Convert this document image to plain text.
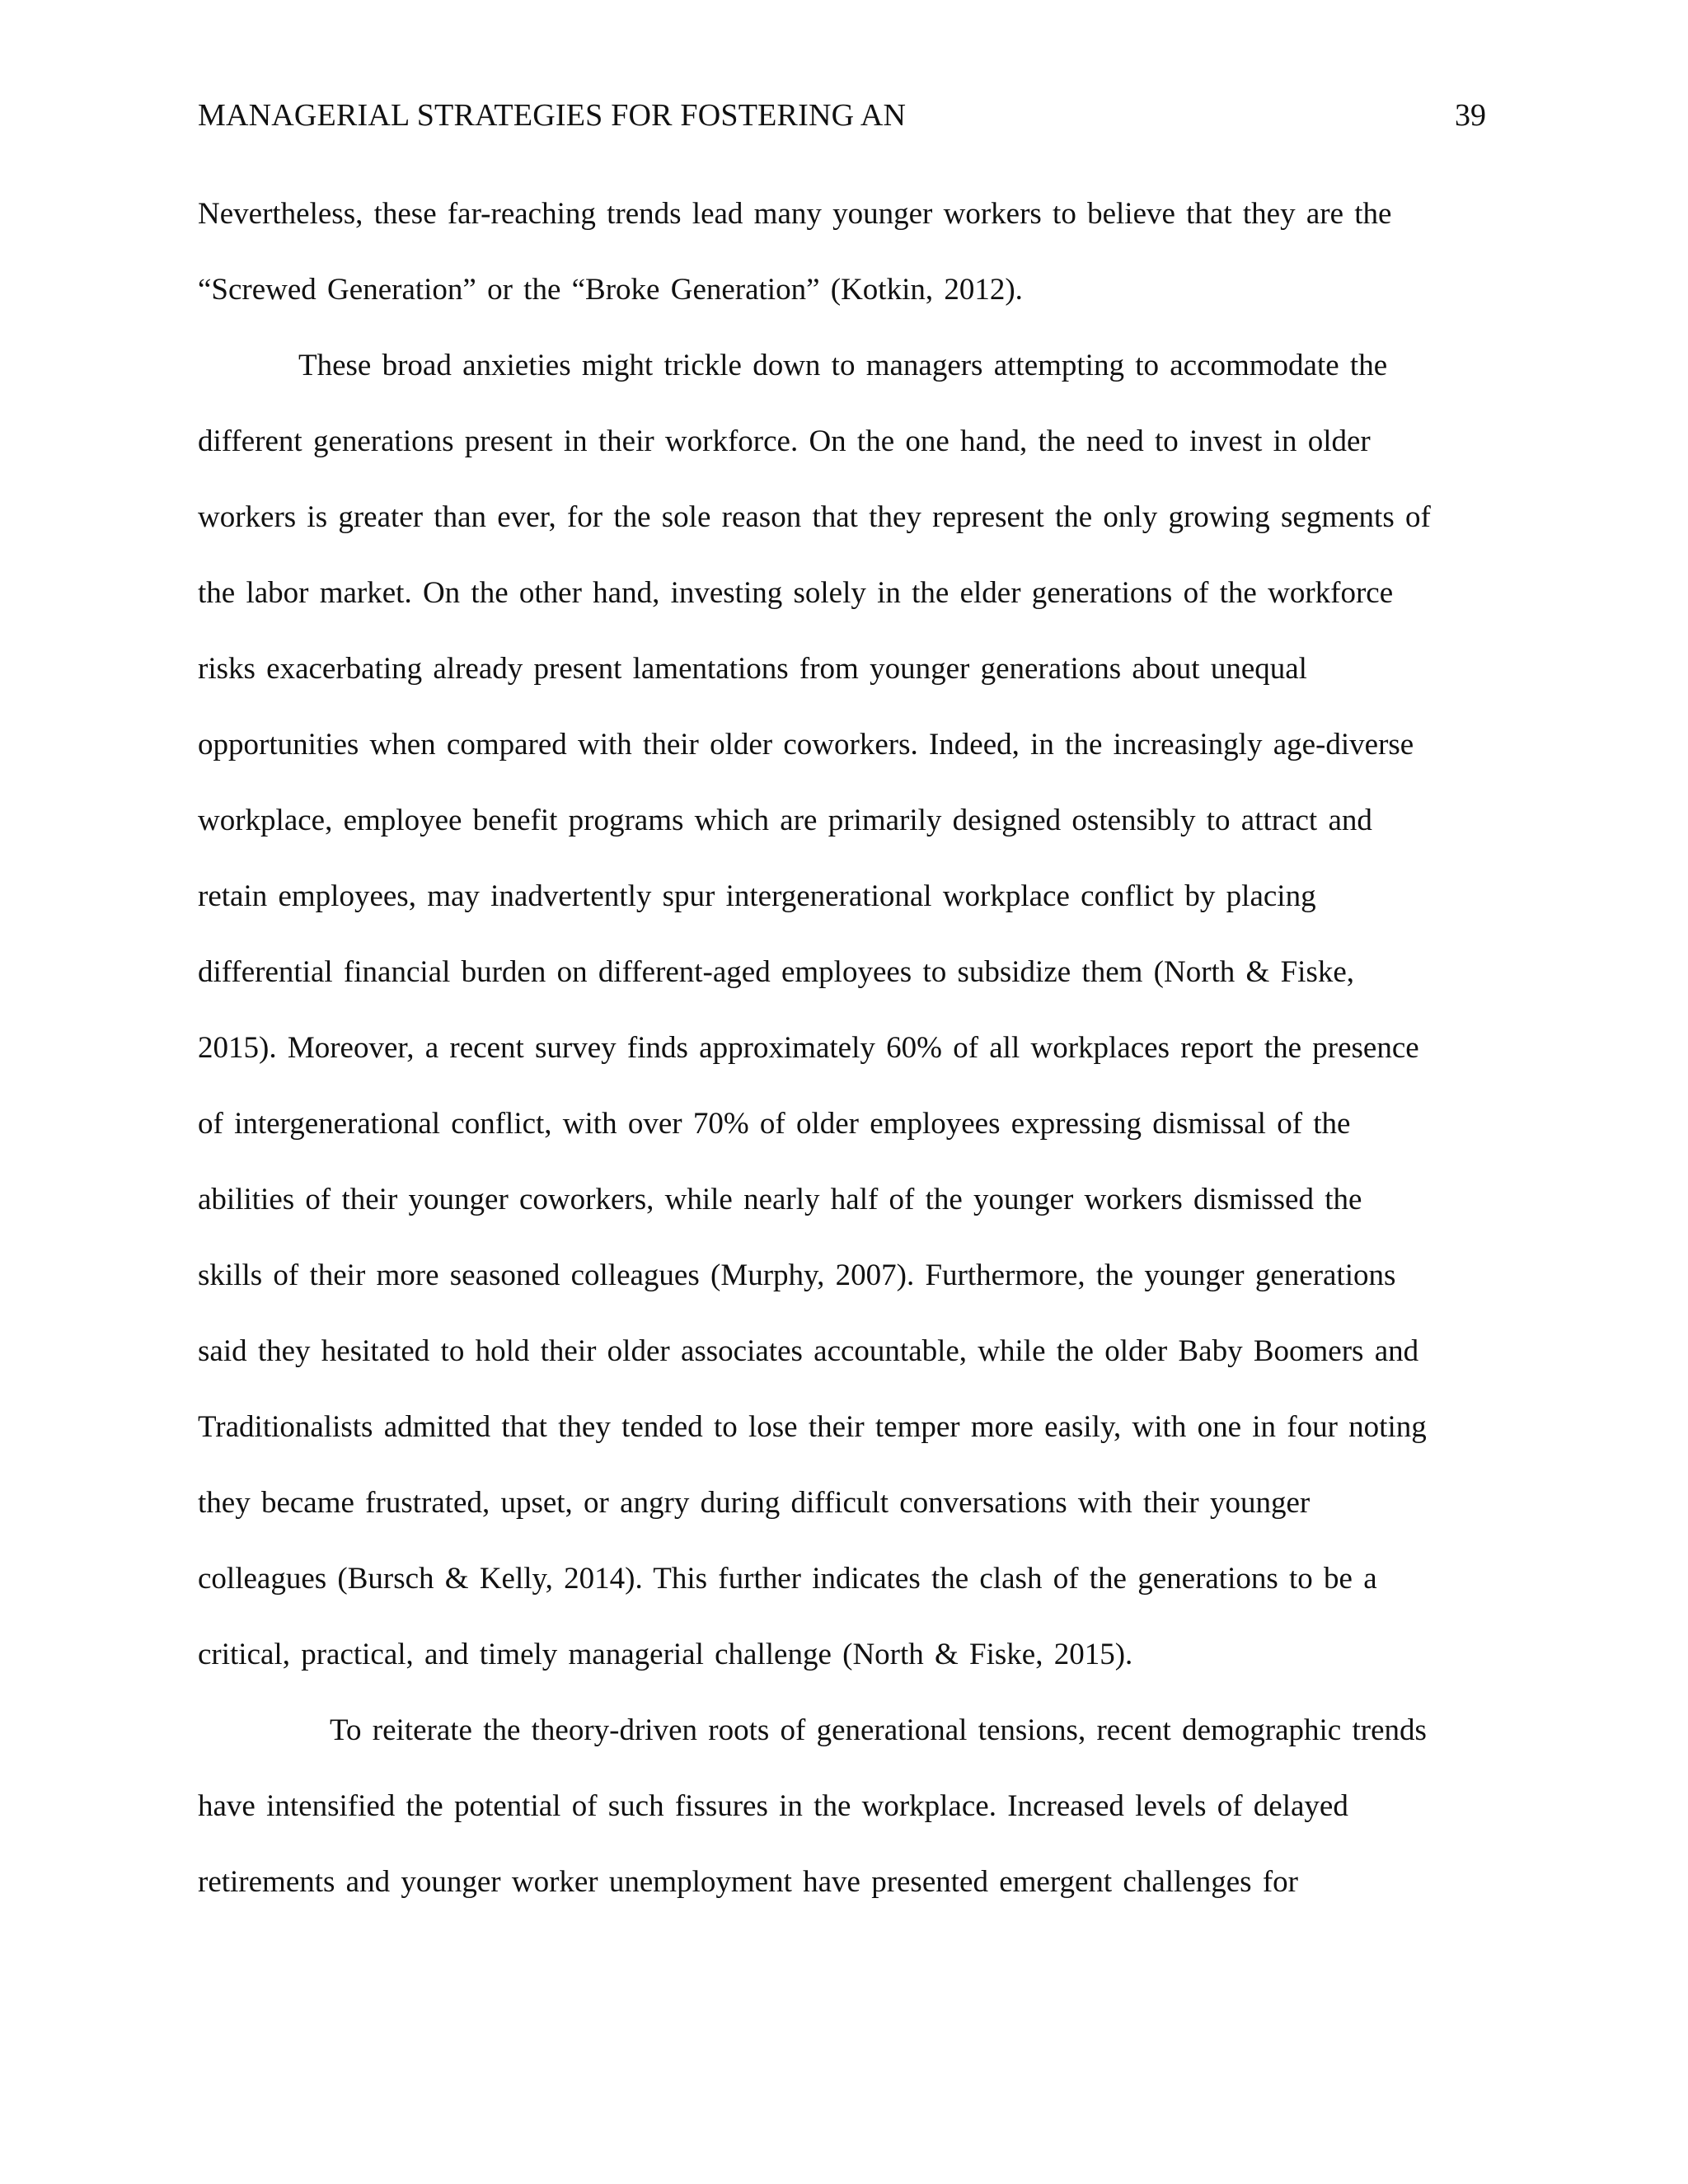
MANAGERIAL STRATEGIES FOR FOSTERING AN	39
Nevertheless, these far-reaching trends lead many younger workers to believe that they are the
“Screwed Generation” or the “Broke Generation” (Kotkin, 2012).
These broad anxieties might trickle down to managers attempting to accommodate the
different generations present in their workforce. On the one hand, the need to invest in older
workers is greater than ever, for the sole reason that they represent the only growing segments of
the labor market. On the other hand, investing solely in the elder generations of the workforce
risks exacerbating already present lamentations from younger generations about unequal
opportunities when compared with their older coworkers. Indeed, in the increasingly age-diverse
workplace, employee benefit programs which are primarily designed ostensibly to attract and
retain employees, may inadvertently spur intergenerational workplace conflict by placing
differential financial burden on different-aged employees to subsidize them (North & Fiske,
2015). Moreover, a recent survey finds approximately 60% of all workplaces report the presence
of intergenerational conflict, with over 70% of older employees expressing dismissal of the
abilities of their younger coworkers, while nearly half of the younger workers dismissed the
skills of their more seasoned colleagues (Murphy, 2007). Furthermore, the younger generations
said they hesitated to hold their older associates accountable, while the older Baby Boomers and
Traditionalists admitted that they tended to lose their temper more easily, with one in four noting
they became frustrated, upset, or angry during difficult conversations with their younger
colleagues (Bursch & Kelly, 2014). This further indicates the clash of the generations to be a
critical, practical, and timely managerial challenge (North & Fiske, 2015).
To reiterate the theory-driven roots of generational tensions, recent demographic trends
have intensified the potential of such fissures in the workplace. Increased levels of delayed
retirements and younger worker unemployment have presented emergent challenges for
